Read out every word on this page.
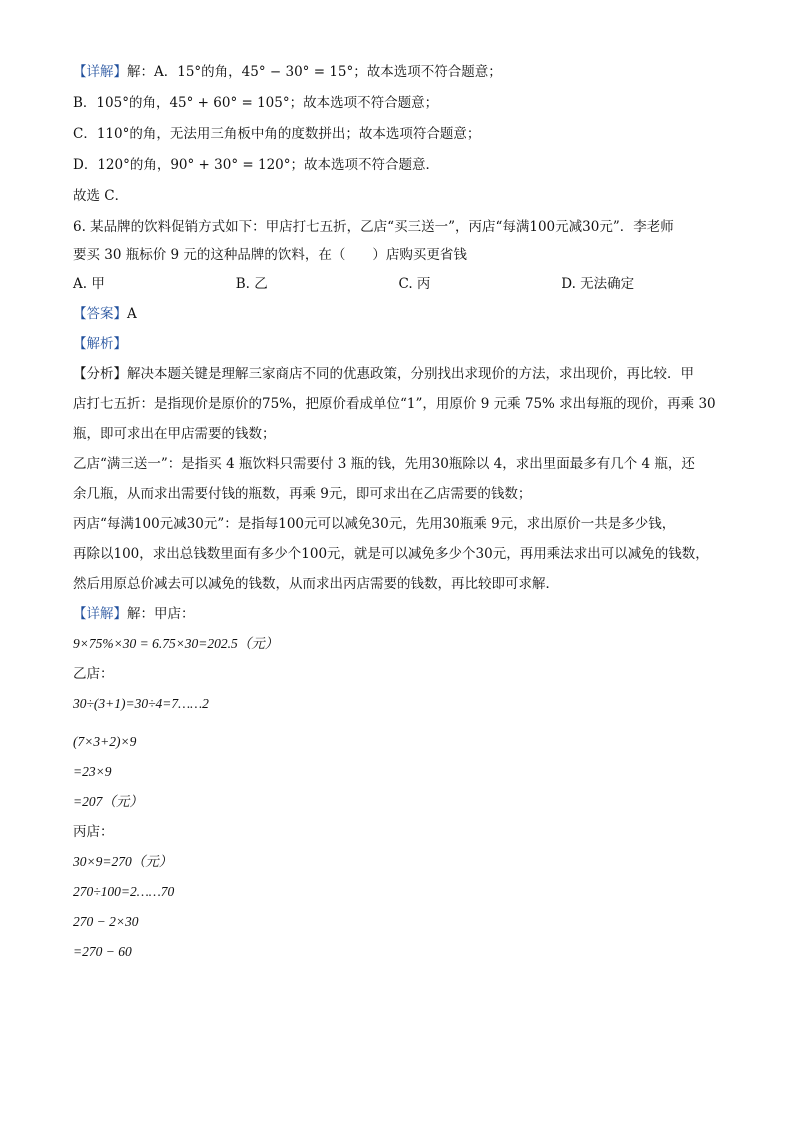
【详解】解：A．15°的角，45° − 30° = 15°；故本选项不符合题意；

B．105°的角，45° + 60° = 105°；故本选项不符合题意；

C．110°的角，无法用三角板中角的度数拼出；故本选项符合题意；

D．120°的角，90° + 30° = 120°；故本选项不符合题意．

故选 C．

6. 某品牌的饮料促销方式如下：甲店打七五折，乙店“买三送一”，丙店“每满100元减30元”．李老师

要买 30 瓶标价 9 元的这种品牌的饮料，在（　　）店购买更省钱

A. 甲	B. 乙	C. 丙	D. 无法确定

【答案】A

【解析】

【分析】解决本题关键是理解三家商店不同的优惠政策，分别找出求现价的方法，求出现价，再比较．甲

店打七五折：是指现价是原价的75%，把原价看成单位“1”，用原价 9 元乘 75% 求出每瓶的现价，再乘 30

瓶，即可求出在甲店需要的钱数；

乙店“满三送一”：是指买 4 瓶饮料只需要付 3 瓶的钱，先用30瓶除以 4，求出里面最多有几个 4 瓶，还

余几瓶，从而求出需要付钱的瓶数，再乘 9元，即可求出在乙店需要的钱数；

丙店“每满100元减30元”：是指每100元可以减免30元，先用30瓶乘 9元，求出原价一共是多少钱，

再除以100，求出总钱数里面有多少个100元，就是可以减免多少个30元，再用乘法求出可以减免的钱数，

然后用原总价减去可以减免的钱数，从而求出丙店需要的钱数，再比较即可求解．

【详解】解：甲店：

9×75%×30 = 6.75×30=202.5（元）

乙店：

30÷(3+1)=30÷4=7……2

(7×3+2)×9

=23×9

=207（元）

丙店：

30×9=270（元）

270÷100=2……70

270 − 2×30

=270 − 60
